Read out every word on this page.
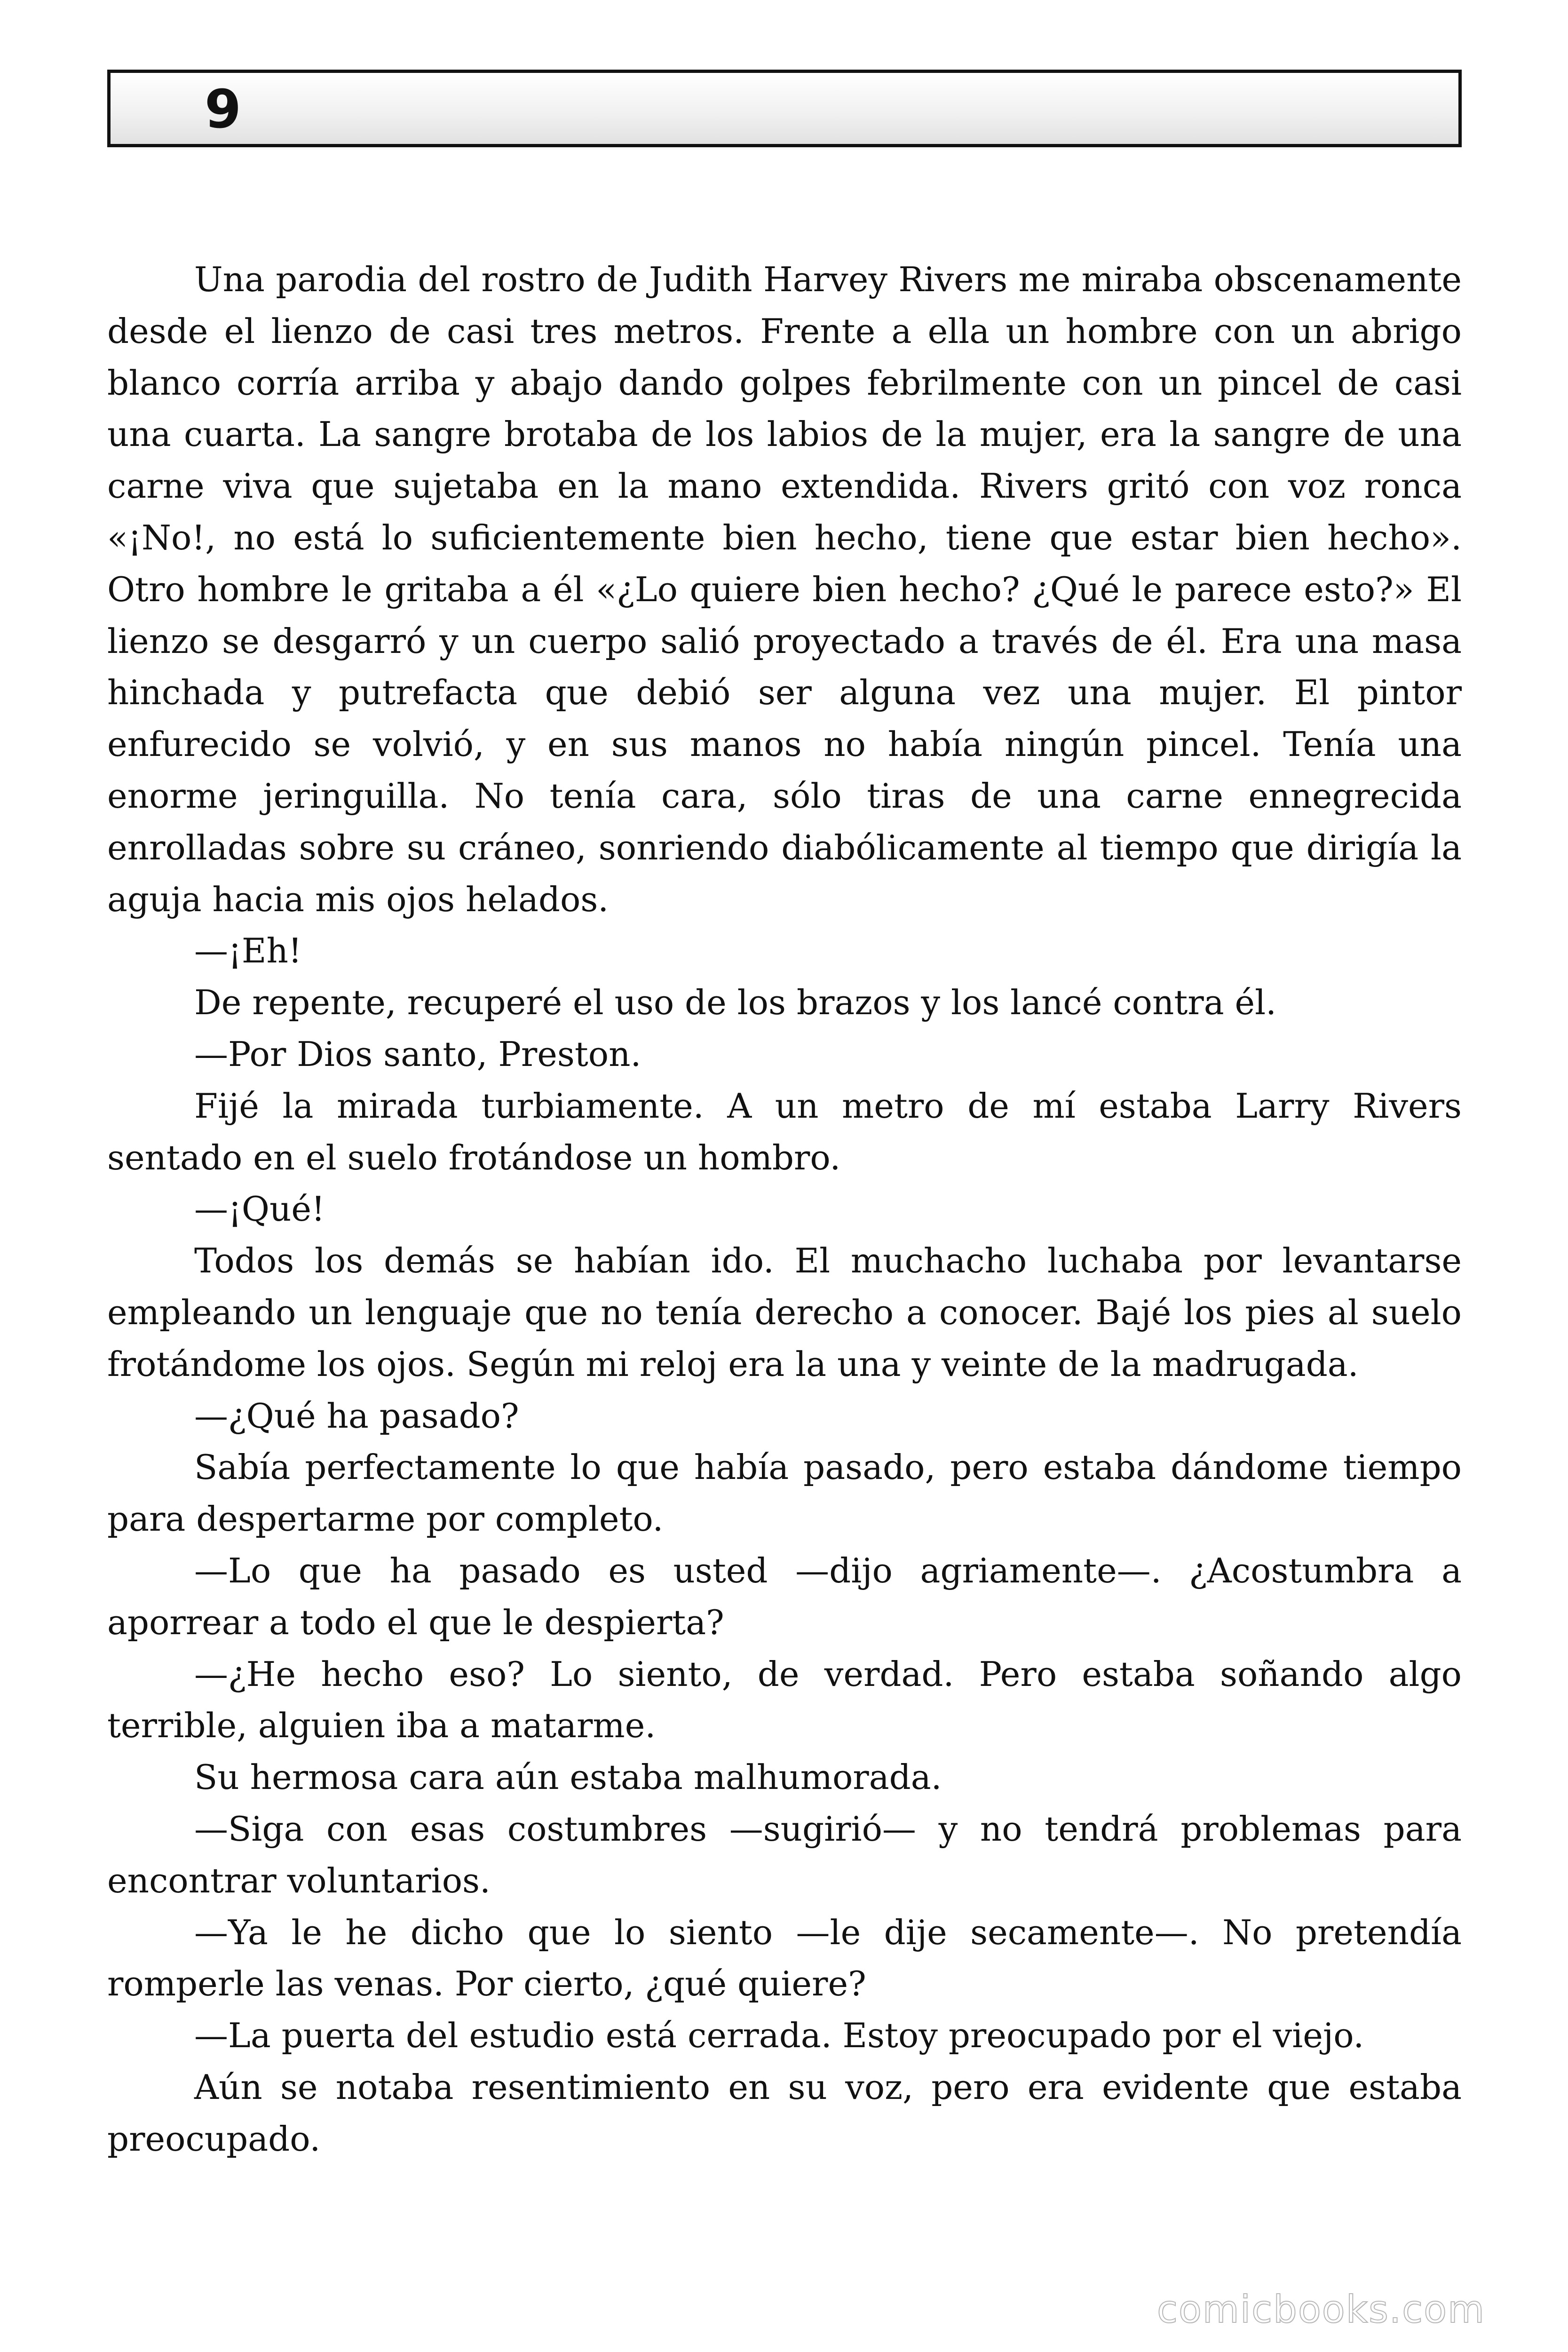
9

Una parodia del rostro de Judith Harvey Rivers me miraba obscenamente desde el lienzo de casi tres metros. Frente a ella un hombre con un abrigo blanco corría arriba y abajo dando golpes febrilmente con un pincel de casi una cuarta. La sangre brotaba de los labios de la mujer, era la sangre de una carne viva que sujetaba en la mano extendida. Rivers gritó con voz ronca «¡No!, no está lo suficientemente bien hecho, tiene que estar bien hecho». Otro hombre le gritaba a él «¿Lo quiere bien hecho? ¿Qué le parece esto?» El lienzo se desgarró y un cuerpo salió proyectado a través de él. Era una masa hinchada y putrefacta que debió ser alguna vez una mujer. El pintor enfurecido se volvió, y en sus manos no había ningún pincel. Tenía una enorme jeringuilla. No tenía cara, sólo tiras de una carne ennegrecida enrolladas sobre su cráneo, sonriendo diabólicamente al tiempo que dirigía la aguja hacia mis ojos helados.

—¡Eh!

De repente, recuperé el uso de los brazos y los lancé contra él.

—Por Dios santo, Preston.

Fijé la mirada turbiamente. A un metro de mí estaba Larry Rivers sentado en el suelo frotándose un hombro.

—¡Qué!

Todos los demás se habían ido. El muchacho luchaba por levantarse empleando un lenguaje que no tenía derecho a conocer. Bajé los pies al suelo frotándome los ojos. Según mi reloj era la una y veinte de la madrugada.

—¿Qué ha pasado?

Sabía perfectamente lo que había pasado, pero estaba dándome tiempo para despertarme por completo.

—Lo que ha pasado es usted —dijo agriamente—. ¿Acostumbra a aporrear a todo el que le despierta?

—¿He hecho eso? Lo siento, de verdad. Pero estaba soñando algo terrible, alguien iba a matarme.

Su hermosa cara aún estaba malhumorada.

—Siga con esas costumbres —sugirió— y no tendrá problemas para encontrar voluntarios.

—Ya le he dicho que lo siento —le dije secamente—. No pretendía romperle las venas. Por cierto, ¿qué quiere?

—La puerta del estudio está cerrada. Estoy preocupado por el viejo.

Aún se notaba resentimiento en su voz, pero era evidente que estaba preocupado.

comicbooks.com
